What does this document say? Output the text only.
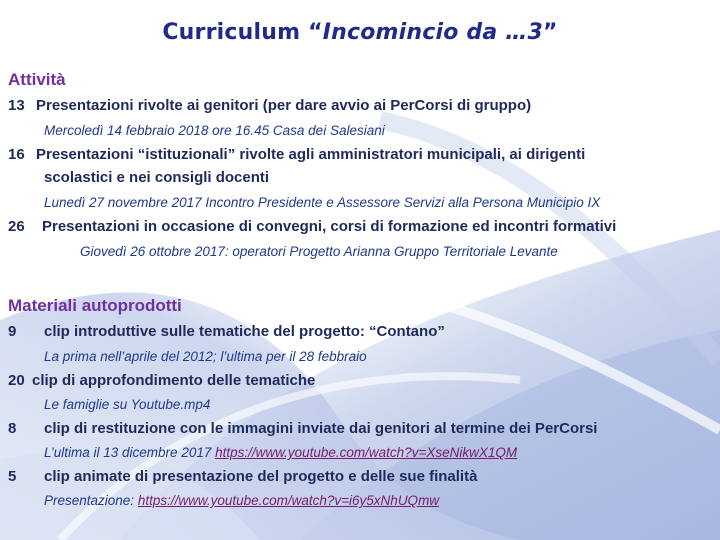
Curriculum “Incomincio da …3”
Attività
13 Presentazioni rivolte ai genitori (per dare avvio ai PerCorsi di gruppo)
Mercoledì 14 febbraio 2018 ore 16.45 Casa dei Salesiani
16 Presentazioni “istituzionali” rivolte agli amministratori municipali, ai dirigenti
scolastici e nei consigli docenti
Lunedì 27 novembre 2017 Incontro Presidente e Assessore Servizi alla Persona Municipio IX
26 Presentazioni in occasione di convegni, corsi di formazione ed incontri formativi
Giovedì 26 ottobre 2017: operatori Progetto Arianna Gruppo Territoriale Levante
Materiali autoprodotti
9 clip introduttive sulle tematiche del progetto: “Contano”
La prima nell’aprile del 2012; l’ultima per il 28 febbraio
20 clip di approfondimento delle tematiche
Le famiglie su Youtube.mp4
8 clip di restituzione con le immagini inviate dai genitori al termine dei PerCorsi
L’ultima il 13 dicembre 2017 https://www.youtube.com/watch?v=XseNikwX1QM
5 clip animate di presentazione del progetto e delle sue finalità
Presentazione: https://www.youtube.com/watch?v=i6y5xNhUQmw
